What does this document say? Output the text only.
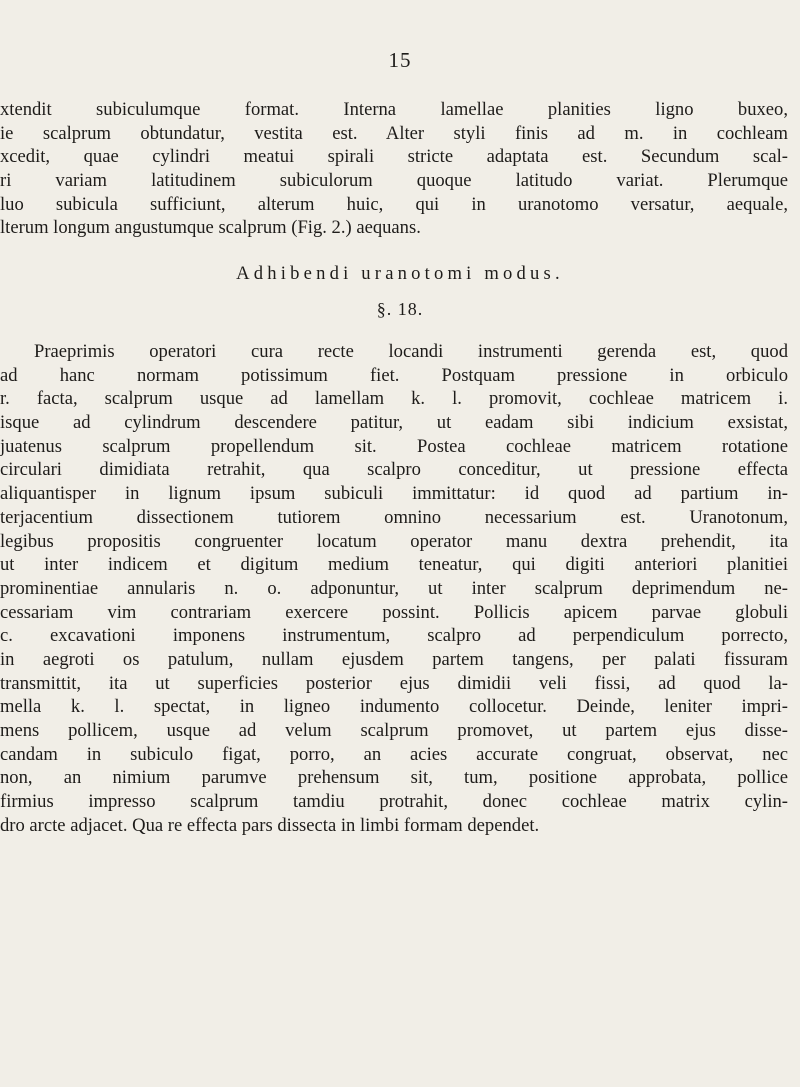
15
xtendit subiculumque format. Interna lamellae planities ligno buxeo,
ie scalprum obtundatur, vestita est. Alter styli finis ad m. in cochleam
xcedit, quae cylindri meatui spirali stricte adaptata est. Secundum scal-
ri variam latitudinem subiculorum quoque latitudo variat. Plerumque
luo subicula sufficiunt, alterum huic, qui in uranotomo versatur, aequale,
lterum longum angustumque scalprum (Fig. 2.) aequans.
Adhibendi uranotomi modus.
§. 18.
Praeprimis operatori cura recte locandi instrumenti gerenda est, quod
ad hanc normam potissimum fiet. Postquam pressione in orbiculo
r. facta, scalprum usque ad lamellam k. l. promovit, cochleae matricem i.
isque ad cylindrum descendere patitur, ut eadam sibi indicium exsistat,
juatenus scalprum propellendum sit. Postea cochleae matricem rotatione
circulari dimidiata retrahit, qua scalpro conceditur, ut pressione effecta
aliquantisper in lignum ipsum subiculi immittatur: id quod ad partium in-
terjacentium dissectionem tutiorem omnino necessarium est. Uranotonum,
legibus propositis congruenter locatum operator manu dextra prehendit, ita
ut inter indicem et digitum medium teneatur, qui digiti anteriori planitiei
prominentiae annularis n. o. adponuntur, ut inter scalprum deprimendum ne-
cessariam vim contrariam exercere possint. Pollicis apicem parvae globuli
c. excavationi imponens instrumentum, scalpro ad perpendiculum porrecto,
in aegroti os patulum, nullam ejusdem partem tangens, per palati fissuram
transmittit, ita ut superficies posterior ejus dimidii veli fissi, ad quod la-
mella k. l. spectat, in ligneo indumento collocetur. Deinde, leniter impri-
mens pollicem, usque ad velum scalprum promovet, ut partem ejus disse-
candam in subiculo figat, porro, an acies accurate congruat, observat, nec
non, an nimium parumve prehensum sit, tum, positione approbata, pollice
firmius impresso scalprum tamdiu protrahit, donec cochleae matrix cylin-
dro arcte adjacet. Qua re effecta pars dissecta in limbi formam dependet.
